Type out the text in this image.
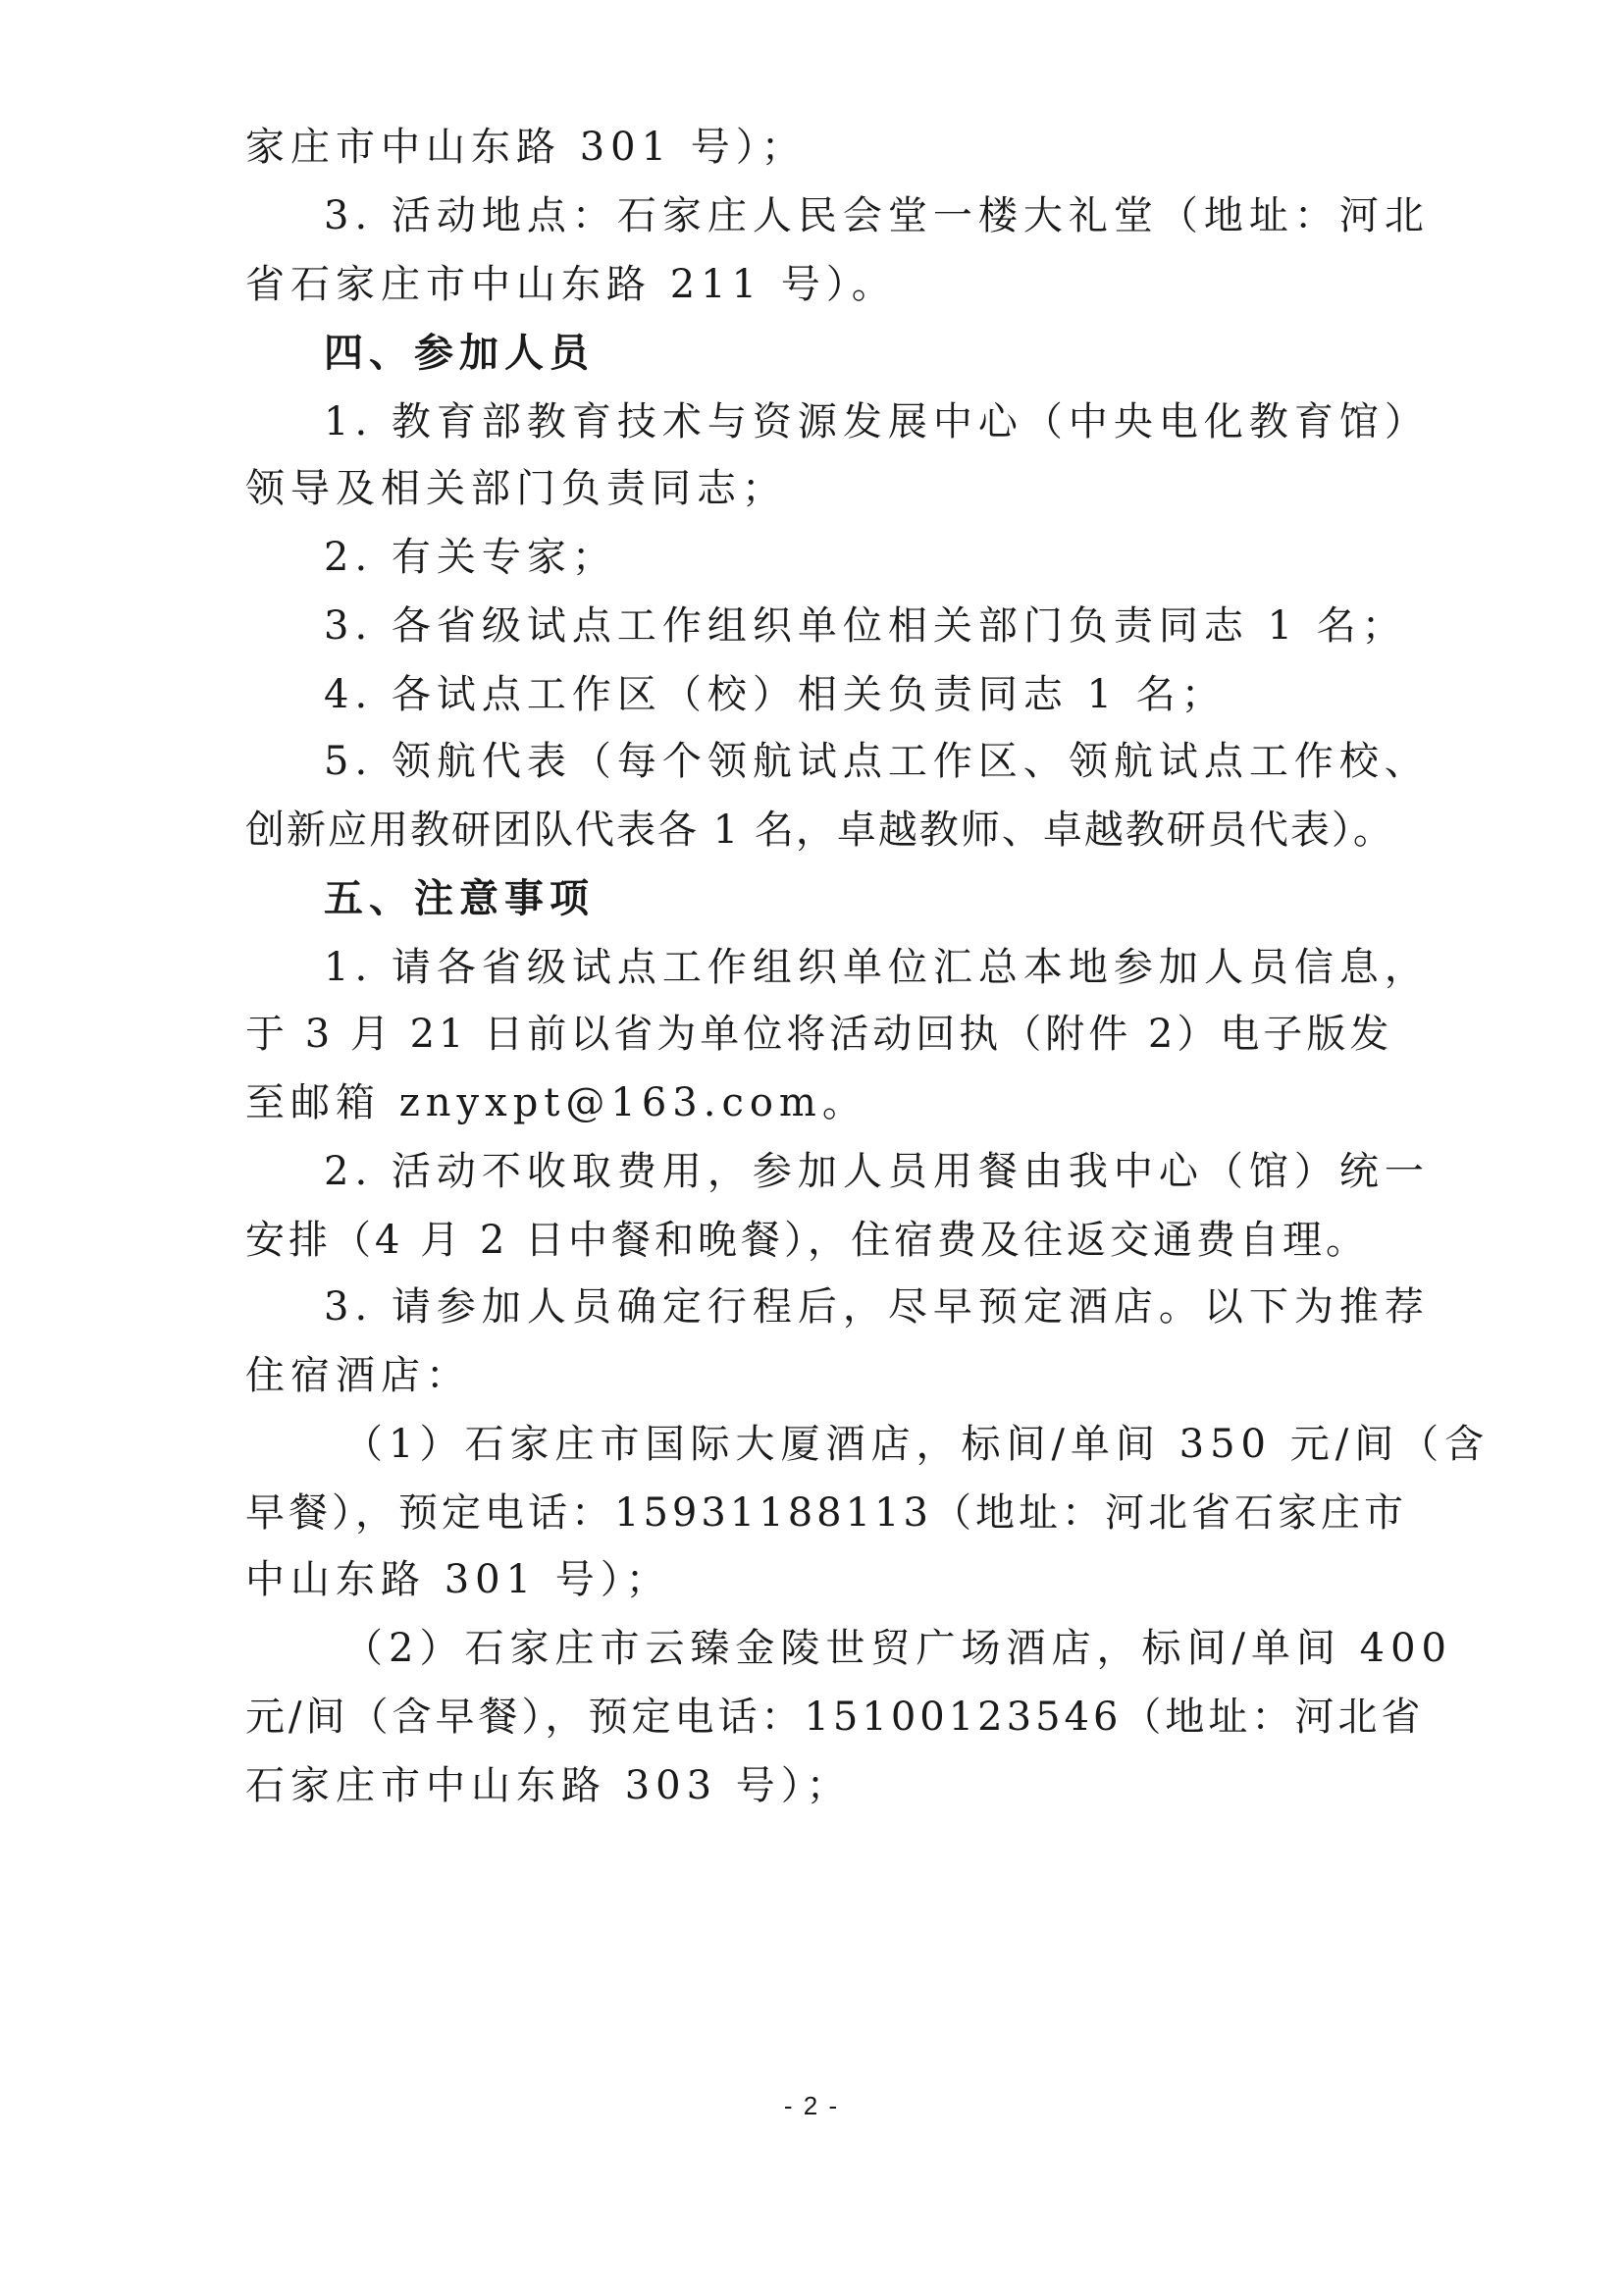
家庄市中山东路 301 号）；
3. 活动地点：石家庄人民会堂一楼大礼堂（地址：河北
省石家庄市中山东路 211 号）。
四、参加人员
1. 教育部教育技术与资源发展中心（中央电化教育馆）
领导及相关部门负责同志；
2. 有关专家；
3. 各省级试点工作组织单位相关部门负责同志 1 名；
4. 各试点工作区（校）相关负责同志 1 名；
5. 领航代表（每个领航试点工作区、领航试点工作校、
创新应用教研团队代表各 1 名，卓越教师、卓越教研员代表）。
五、注意事项
1. 请各省级试点工作组织单位汇总本地参加人员信息，
于 3 月 21 日前以省为单位将活动回执（附件 2）电子版发
至邮箱 znyxpt@163.com。
2. 活动不收取费用，参加人员用餐由我中心（馆）统一
安排（4 月 2 日中餐和晚餐），住宿费及往返交通费自理。
3. 请参加人员确定行程后，尽早预定酒店。以下为推荐
住宿酒店：
（1）石家庄市国际大厦酒店，标间/单间 350 元/间（含
早餐），预定电话：15931188113（地址：河北省石家庄市
中山东路 301 号）；
（2）石家庄市云臻金陵世贸广场酒店，标间/单间 400
元/间（含早餐），预定电话：15100123546（地址：河北省
石家庄市中山东路 303 号）；
- 2 -
